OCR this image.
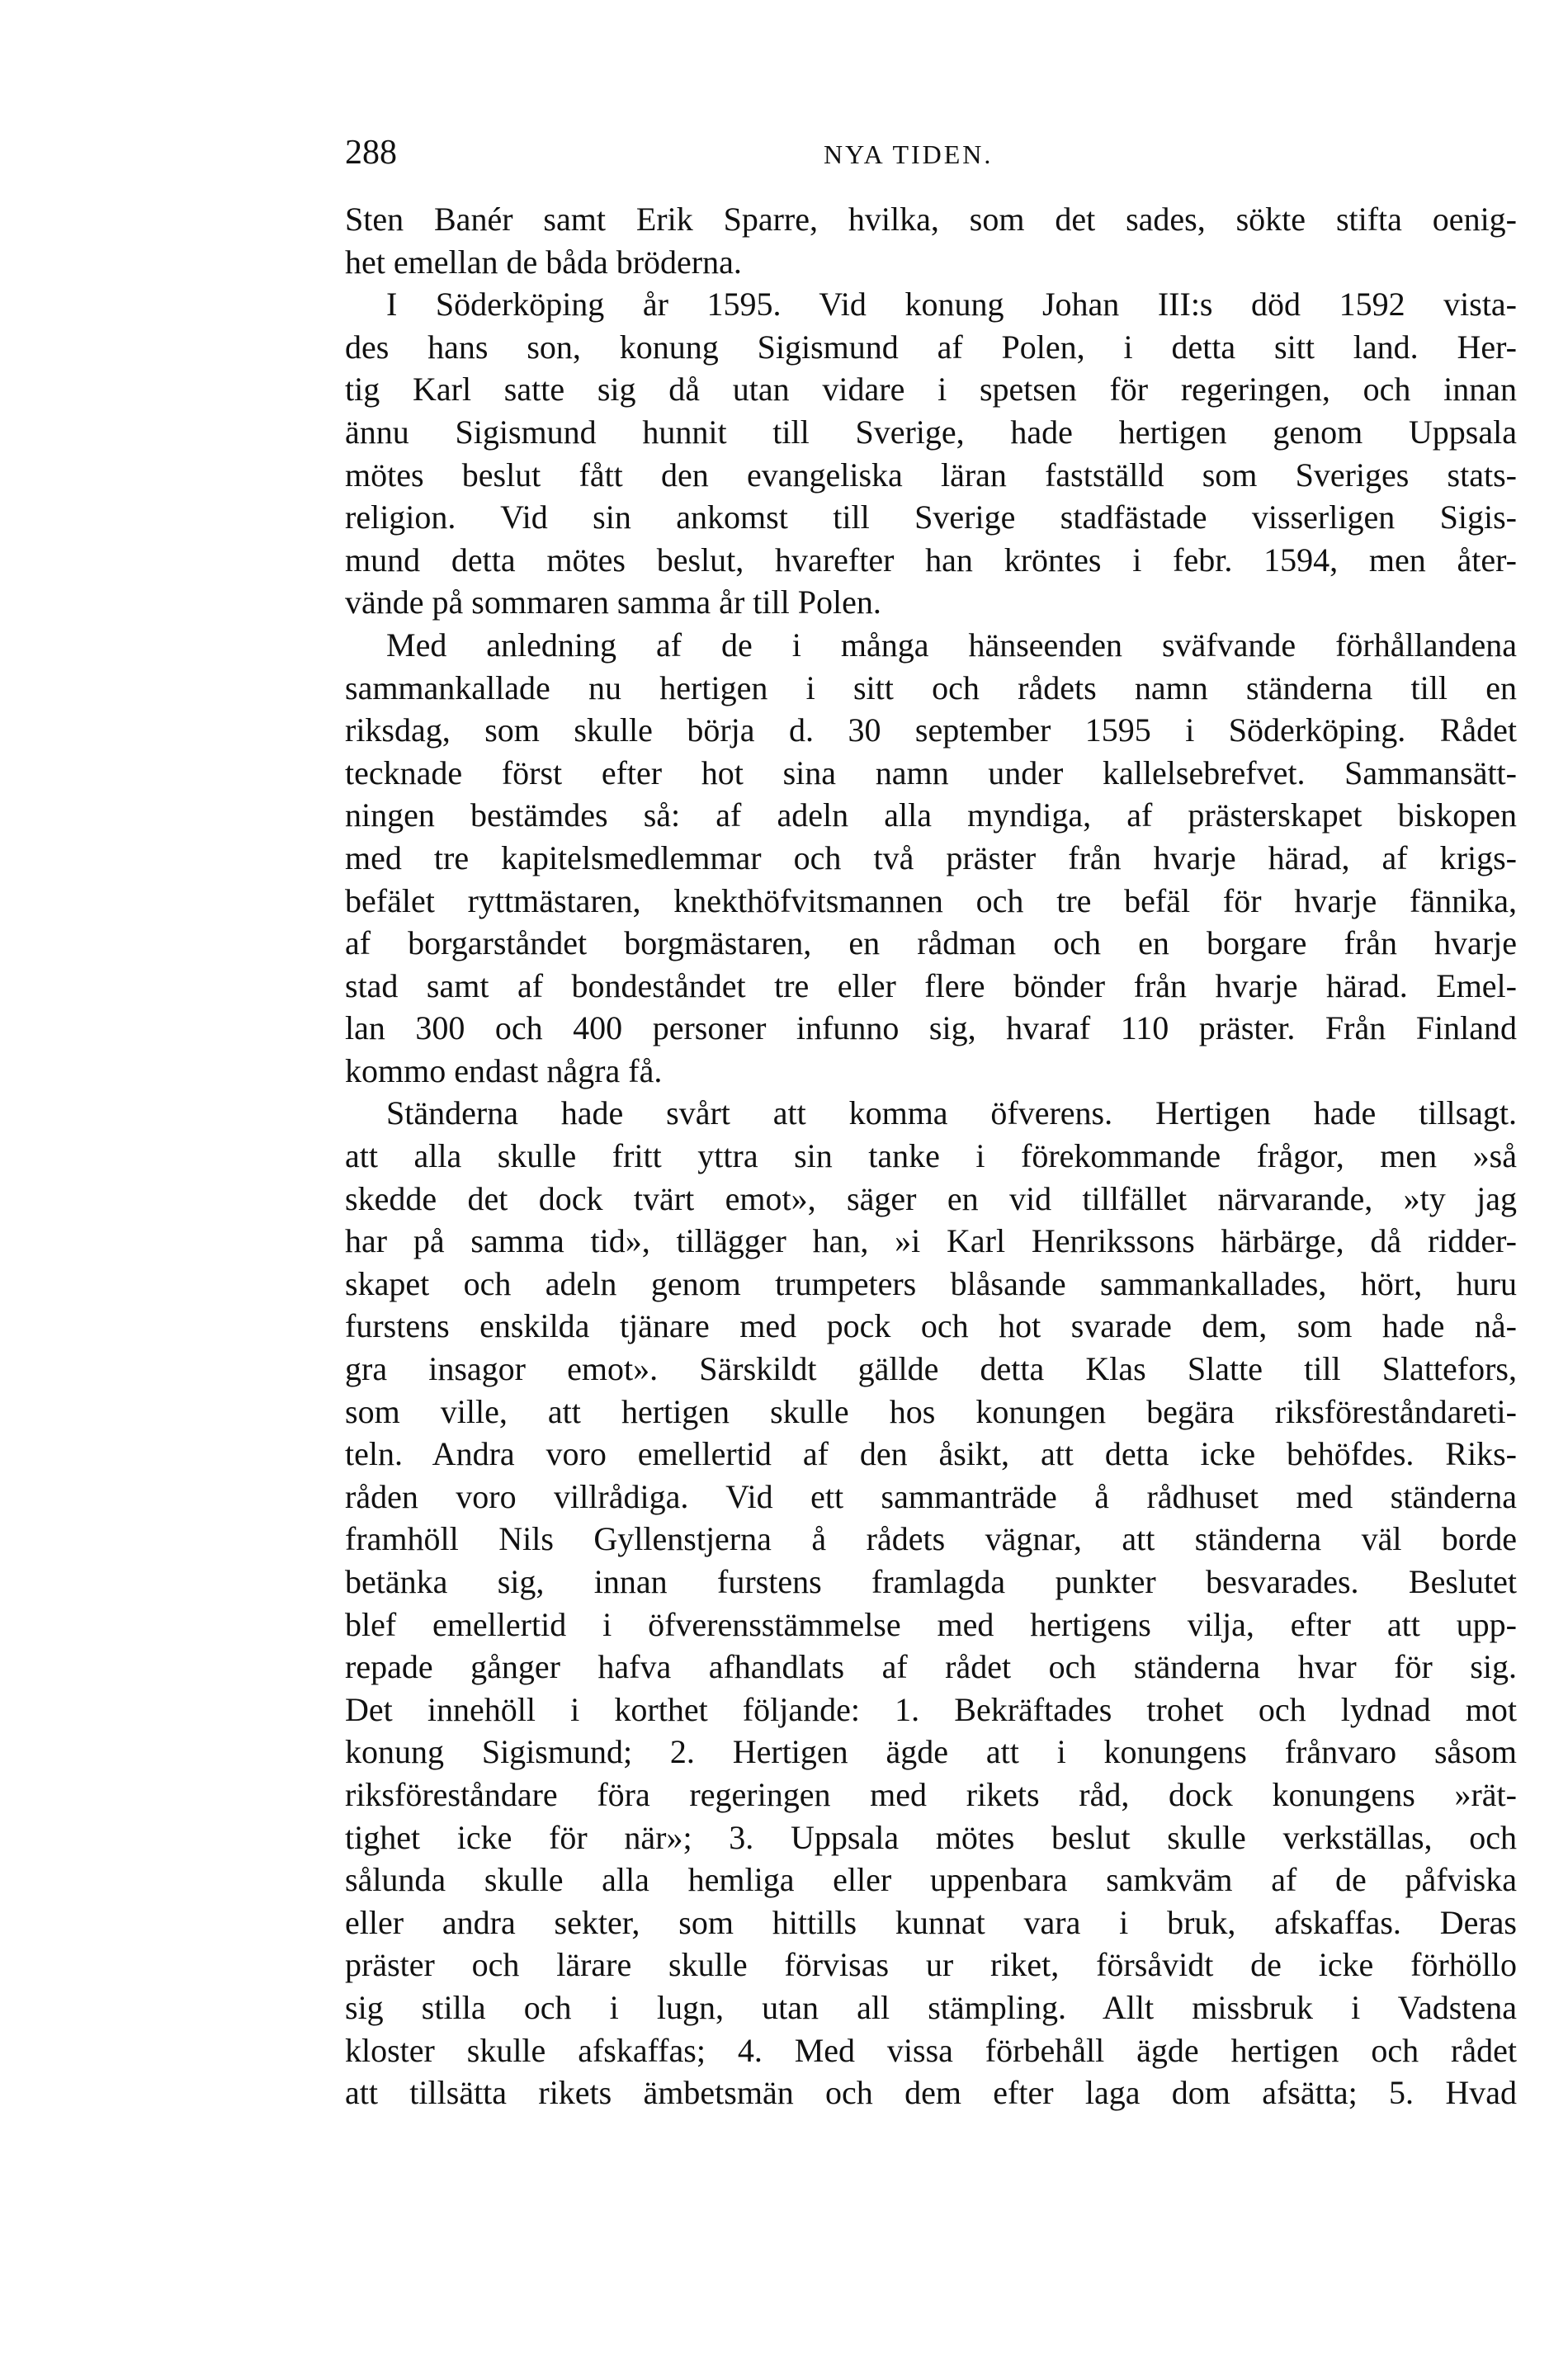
288	NYA TIDEN.
Sten Banér samt Erik Sparre, hvilka, som det sades, sökte stifta oenig-
het emellan de båda bröderna.
I Söderköping år 1595. Vid konung Johan III:s död 1592 vista-
des hans son, konung Sigismund af Polen, i detta sitt land. Her-
tig Karl satte sig då utan vidare i spetsen för regeringen, och innan
ännu Sigismund hunnit till Sverige, hade hertigen genom Uppsala
mötes beslut fått den evangeliska läran fastställd som Sveriges stats-
religion. Vid sin ankomst till Sverige stadfästade visserligen Sigis-
mund detta mötes beslut, hvarefter han kröntes i febr. 1594, men åter-
vände på sommaren samma år till Polen.
Med anledning af de i många hänseenden sväfvande förhållandena
sammankallade nu hertigen i sitt och rådets namn ständerna till en
riksdag, som skulle börja d. 30 september 1595 i Söderköping. Rådet
tecknade först efter hot sina namn under kallelsebrefvet. Sammansätt-
ningen bestämdes så: af adeln alla myndiga, af prästerskapet biskopen
med tre kapitelsmedlemmar och två präster från hvarje härad, af krigs-
befälet ryttmästaren, knekthöfvitsmannen och tre befäl för hvarje fännika,
af borgarståndet borgmästaren, en rådman och en borgare från hvarje
stad samt af bondeståndet tre eller flere bönder från hvarje härad. Emel-
lan 300 och 400 personer infunno sig, hvaraf 110 präster. Från Finland
kommo endast några få.
Ständerna hade svårt att komma öfverens. Hertigen hade tillsagt.
att alla skulle fritt yttra sin tanke i förekommande frågor, men »så
skedde det dock tvärt emot», säger en vid tillfället närvarande, »ty jag
har på samma tid», tillägger han, »i Karl Henrikssons härbärge, då ridder-
skapet och adeln genom trumpeters blåsande sammankallades, hört, huru
furstens enskilda tjänare med pock och hot svarade dem, som hade nå-
gra insagor emot». Särskildt gällde detta Klas Slatte till Slattefors,
som ville, att hertigen skulle hos konungen begära riksföreståndareti-
teln. Andra voro emellertid af den åsikt, att detta icke behöfdes. Riks-
råden voro villrådiga. Vid ett sammanträde å rådhuset med ständerna
framhöll Nils Gyllenstjerna å rådets vägnar, att ständerna väl borde
betänka sig, innan furstens framlagda punkter besvarades. Beslutet
blef emellertid i öfverensstämmelse med hertigens vilja, efter att upp-
repade gånger hafva afhandlats af rådet och ständerna hvar för sig.
Det innehöll i korthet följande: 1. Bekräftades trohet och lydnad mot
konung Sigismund; 2. Hertigen ägde att i konungens frånvaro såsom
riksföreståndare föra regeringen med rikets råd, dock konungens »rät-
tighet icke för när»; 3. Uppsala mötes beslut skulle verkställas, och
sålunda skulle alla hemliga eller uppenbara samkväm af de påfviska
eller andra sekter, som hittills kunnat vara i bruk, afskaffas. Deras
präster och lärare skulle förvisas ur riket, försåvidt de icke förhöllo
sig stilla och i lugn, utan all stämpling. Allt missbruk i Vadstena
kloster skulle afskaffas; 4. Med vissa förbehåll ägde hertigen och rådet
att tillsätta rikets ämbetsmän och dem efter laga dom afsätta; 5. Hvad
